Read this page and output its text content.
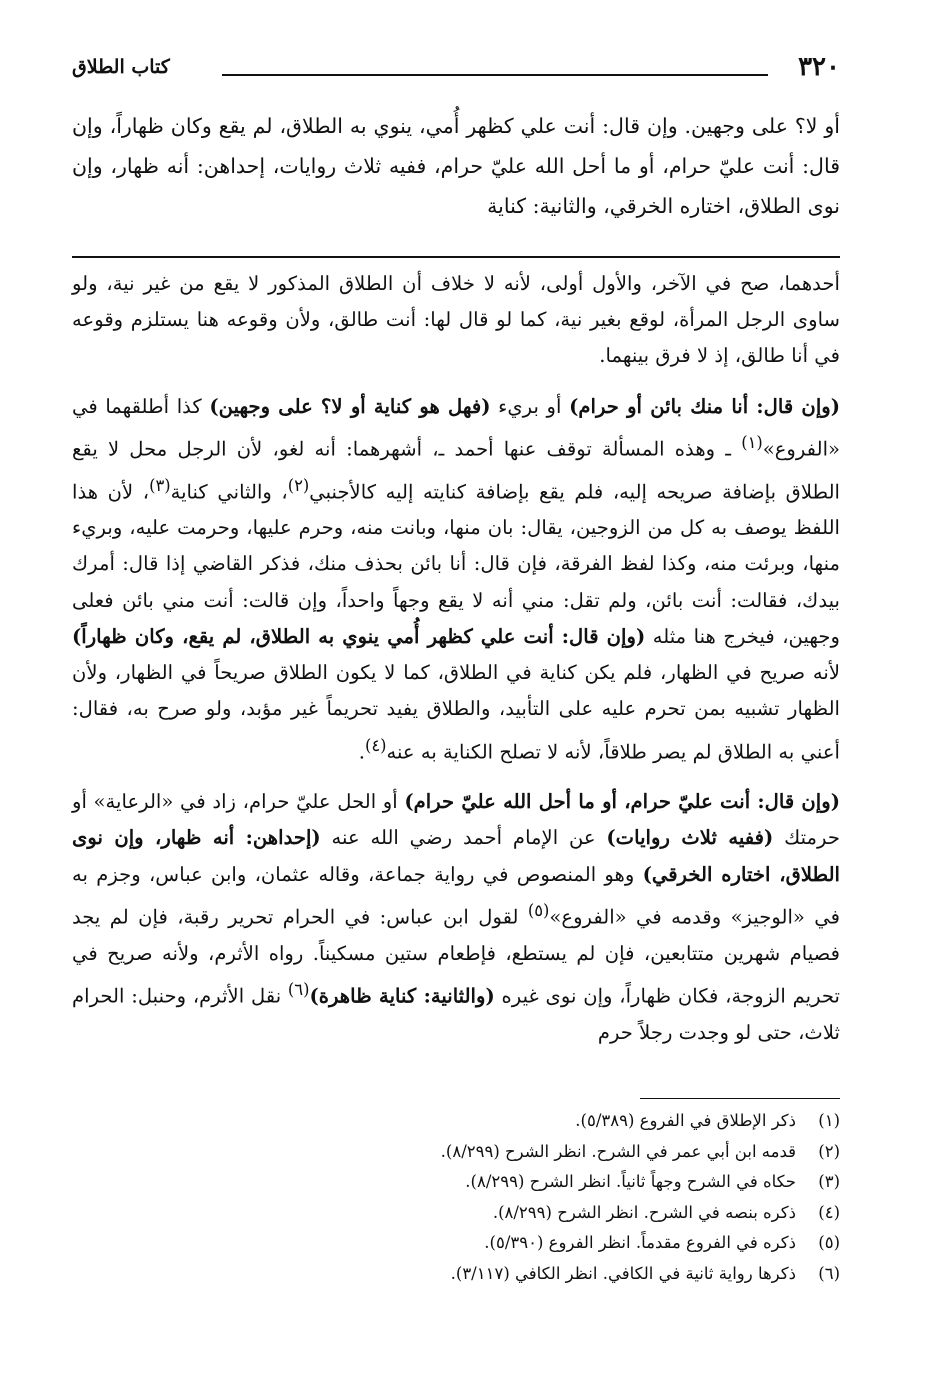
٣٢٠
كتاب الطلاق
أو لا؟ على وجهين. وإن قال: أنت علي كظهر أُمي، ينوي به الطلاق، لم يقع وكان ظهاراً، وإن قال: أنت عليّ حرام، أو ما أحل الله عليّ حرام، ففيه ثلاث روايات، إحداهن: أنه ظهار، وإن نوى الطلاق، اختاره الخرقي، والثانية: كناية

أحدهما، صح في الآخر، والأول أولى، لأنه لا خلاف أن الطلاق المذكور لا يقع من غير نية، ولو ساوى الرجل المرأة، لوقع بغير نية، كما لو قال لها: أنت طالق، ولأن وقوعه هنا يستلزم وقوعه في أنا طالق، إذ لا فرق بينهما.

(وإن قال: أنا منك بائن أو حرام) أو بريء (فهل هو كناية أو لا؟ على وجهين) كذا أطلقهما في «الفروع»$^{(١)}$ ـ وهذه المسألة توقف عنها أحمد ـ، أشهرهما: أنه لغو، لأن الرجل محل لا يقع الطلاق بإضافة صريحه إليه، فلم يقع بإضافة كنايته إليه كالأجنبي$^{(٢)}$، والثاني كناية$^{(٣)}$، لأن هذا اللفظ يوصف به كل من الزوجين، يقال: بان منها، وبانت منه، وحرم عليها، وحرمت عليه، وبريء منها، وبرئت منه، وكذا لفظ الفرقة، فإن قال: أنا بائن بحذف منك، فذكر القاضي إذا قال: أمرك بيدك، فقالت: أنت بائن، ولم تقل: مني أنه لا يقع وجهاً واحداً، وإن قالت: أنت مني بائن فعلى وجهين، فيخرج هنا مثله (وإن قال: أنت علي كظهر أُمي ينوي به الطلاق، لم يقع، وكان ظهاراً) لأنه صريح في الظهار، فلم يكن كناية في الطلاق، كما لا يكون الطلاق صريحاً في الظهار، ولأن الظهار تشبيه بمن تحرم عليه على التأبيد، والطلاق يفيد تحريماً غير مؤبد، ولو صرح به، فقال: أعني به الطلاق لم يصر طلاقاً، لأنه لا تصلح الكناية به عنه$^{(٤)}$.

(وإن قال: أنت عليّ حرام، أو ما أحل الله عليّ حرام) أو الحل عليّ حرام، زاد في «الرعاية» أو حرمتك (ففيه ثلاث روايات) عن الإمام أحمد رضي الله عنه (إحداهن: أنه ظهار، وإن نوى الطلاق، اختاره الخرقي) وهو المنصوص في رواية جماعة، وقاله عثمان، وابن عباس، وجزم به في «الوجيز» وقدمه في «الفروع»$^{(٥)}$ لقول ابن عباس: في الحرام تحرير رقبة، فإن لم يجد فصيام شهرين متتابعين، فإن لم يستطع، فإطعام ستين مسكيناً. رواه الأثرم، ولأنه صريح في تحريم الزوجة، فكان ظهاراً، وإن نوى غيره (والثانية: كناية ظاهرة)$^{(٦)}$ نقل الأثرم، وحنبل: الحرام ثلاث، حتى لو وجدت رجلاً حرم

(١)ذكر الإطلاق في الفروع (٥/٣٨٩).
(٢)قدمه ابن أبي عمر في الشرح. انظر الشرح (٨/٢٩٩).
(٣)حكاه في الشرح وجهاً ثانياً. انظر الشرح (٨/٢٩٩).
(٤)ذكره بنصه في الشرح. انظر الشرح (٨/٢٩٩).
(٥)ذكره في الفروع مقدماً. انظر الفروع (٥/٣٩٠).
(٦)ذكرها رواية ثانية في الكافي. انظر الكافي (٣/١١٧).
